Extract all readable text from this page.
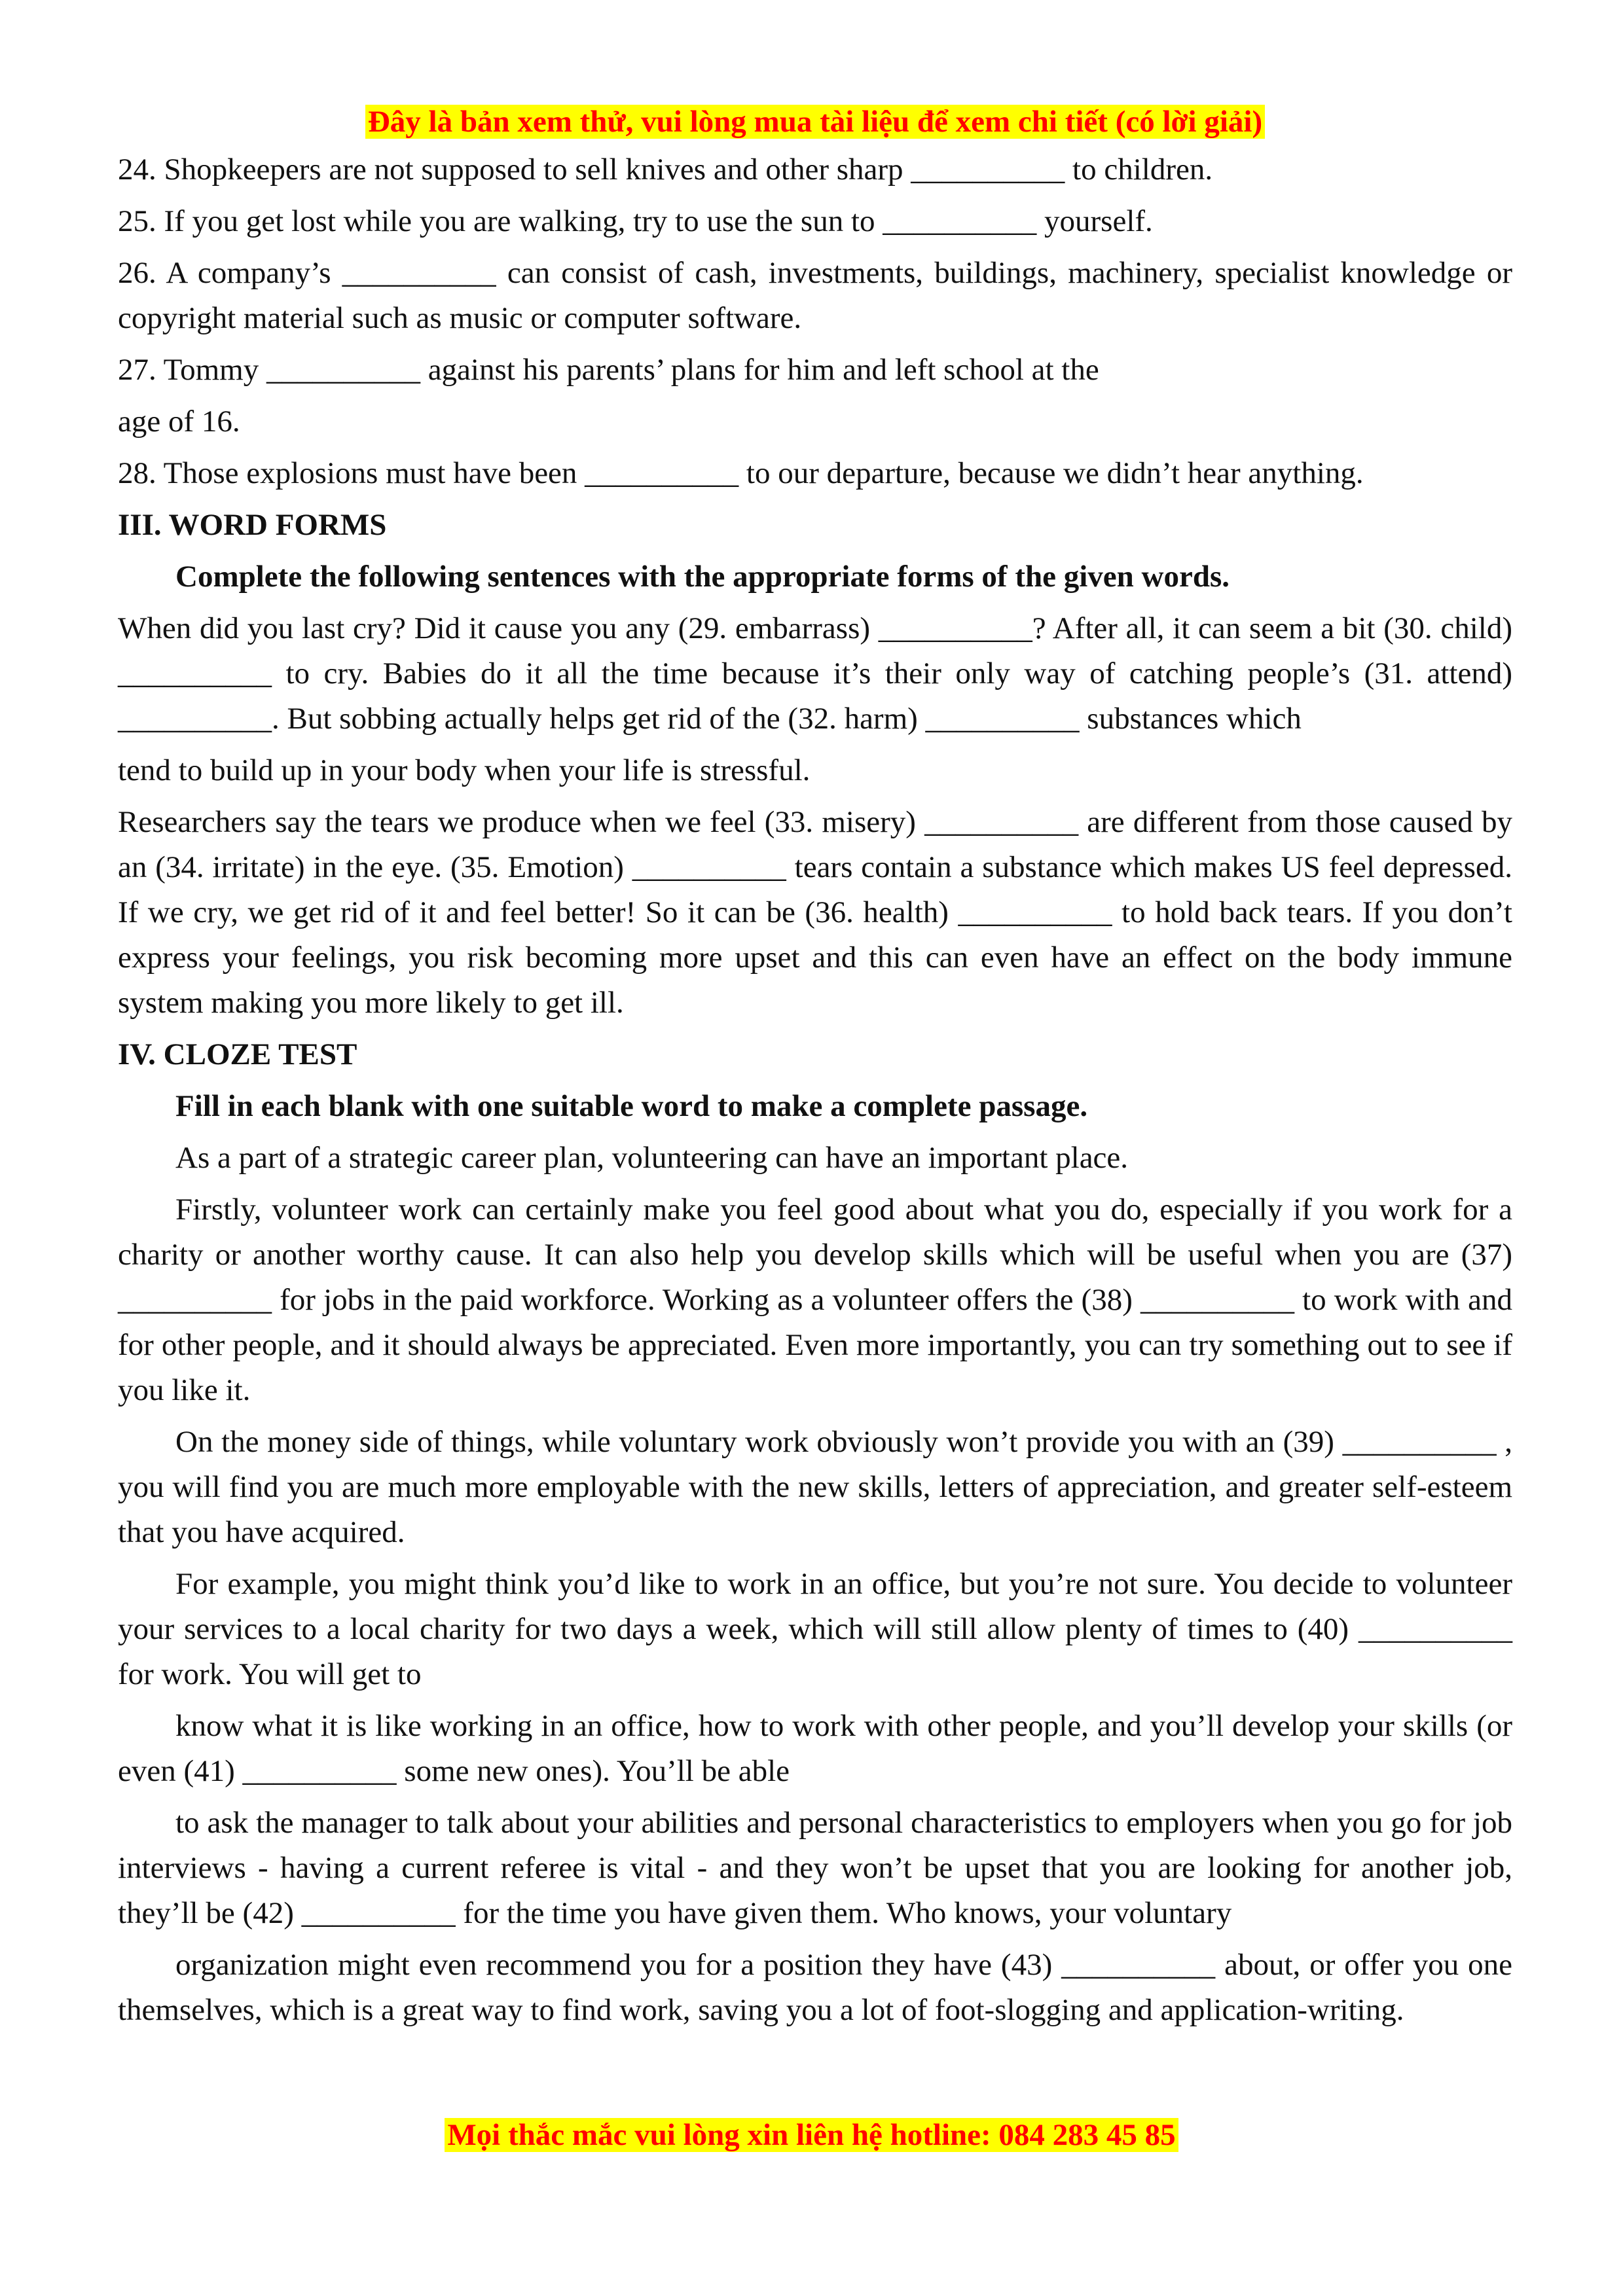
Đây là bản xem thử, vui lòng mua tài liệu để xem chi tiết (có lời giải)

24. Shopkeepers are not supposed to sell knives and other sharp __________ to children.

25. If you get lost while you are walking, try to use the sun to __________ yourself.

26. A company’s __________ can consist of cash, investments, buildings, machinery, specialist knowledge or copyright material such as music or computer software.

27. Tommy __________ against his parents’ plans for him and left school at the

age of 16.

28. Those explosions must have been __________ to our departure, because we didn’t hear anything.

III. WORD FORMS

Complete the following sentences with the appropriate forms of the given words.

When did you last cry? Did it cause you any (29. embarrass) __________? After all, it can seem a bit (30. child) __________ to cry. Babies do it all the time because it’s their only way of catching people’s (31. attend) __________. But sobbing actually helps get rid of the (32. harm) __________ substances which

tend to build up in your body when your life is stressful.

Researchers say the tears we produce when we feel (33. misery) __________ are different from those caused by an (34. irritate) in the eye. (35. Emotion) __________ tears contain a substance which makes US feel depressed. If we cry, we get rid of it and feel better! So it can be (36. health) __________ to hold back tears. If you don’t express your feelings, you risk becoming more upset and this can even have an effect on the body immune system making you more likely to get ill.

IV. CLOZE TEST

Fill in each blank with one suitable word to make a complete passage.

As a part of a strategic career plan, volunteering can have an important place.

Firstly, volunteer work can certainly make you feel good about what you do, especially if you work for a charity or another worthy cause. It can also help you develop skills which will be useful when you are (37) __________ for jobs in the paid workforce. Working as a volunteer offers the (38) __________ to work with and for other people, and it should always be appreciated. Even more importantly, you can try something out to see if you like it.

On the money side of things, while voluntary work obviously won’t provide you with an (39) __________ , you will find you are much more employable with the new skills, letters of appreciation, and greater self-esteem that you have acquired.

For example, you might think you’d like to work in an office, but you’re not sure. You decide to volunteer your services to a local charity for two days a week, which will still allow plenty of times to (40) __________ for work. You will get to

know what it is like working in an office, how to work with other people, and you’ll develop your skills (or even (41) __________ some new ones). You’ll be able

to ask the manager to talk about your abilities and personal characteristics to employers when you go for job interviews - having a current referee is vital - and they won’t be upset that you are looking for another job, they’ll be (42) __________ for the time you have given them. Who knows, your voluntary

organization might even recommend you for a position they have (43) __________ about, or offer you one themselves, which is a great way to find work, saving you a lot of foot-slogging and application-writing.

Mọi thắc mắc vui lòng xin liên hệ hotline: 084 283 45 85
